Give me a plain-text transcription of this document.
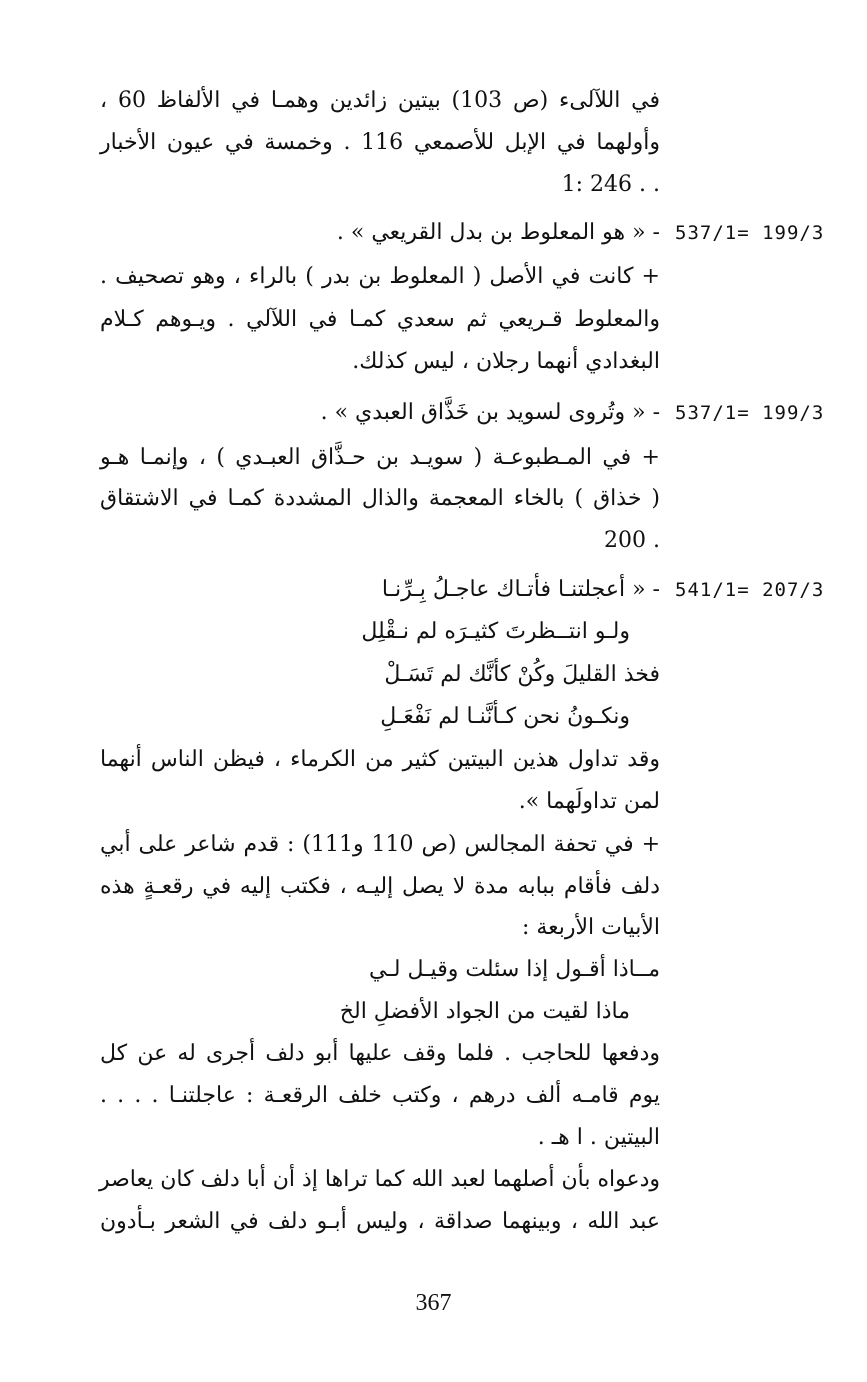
في اللآلىء (ص 103) بيتين زائدين وهمـا في الألفاظ 60 ،
وأولهما في الإبل للأصمعي 116 . وخمسة في عيون الأخبار
. . 246 :1
537/1= 199/3
- « هو المعلوط بن بدل القريعي » .
+ كانت في الأصل ( المعلوط بن بدر ) بالراء ، وهو تصحيف .
والمعلوط قـريعي ثم سعدي كمـا في اللآلي . ويـوهم كـلام
البغدادي أنهما رجلان ، ليس كذلك.
537/1= 199/3
- « وتُروى لسويد بن خَذَّاق العبدي » .
+ في المـطبوعـة ( سويـد بن حـذَّاق العبـدي ) ، وإنمـا هـو
( خذاق ) بالخاء المعجمة والذال المشددة كمـا في الاشتقاق
. 200
541/1= 207/3
- « أعجلتنـا فأتـاك عاجـلُ بِـرِّنـا
ولـو انتــظرتَ كثيـرَه لم نـقْلِل
فخذ القليلَ وكُنْ كأنَّك لم تَسَـلْ
ونكـونُ نحن كـأنَّنـا لم نَفْعَـلِ
وقد تداول هذين البيتين كثير من الكرماء ، فيظن الناس أنهما
لمن تداولَهما ».
+ في تحفة المجالس (ص 110 و111) : قدم شاعر على أبي
دلف فأقام ببابه مدة لا يصل إليـه ، فكتب إليه في رقعـةٍ هذه
الأبيات الأربعة :
مــاذا أقـول إذا سئلت وقيـل لـي
ماذا لقيت من الجواد الأفضلِ الخ
ودفعها للحاجب . فلما وقف عليها أبو دلف أجرى له عن كل
يوم قامـه ألف درهم ، وكتب خلف الرقعـة : عاجلتنـا . . . .
البيتين . ا هـ .
ودعواه بأن أصلهما لعبد الله كما تراها إذ أن أبا دلف كان يعاصر
عبد الله ، وبينهما صداقة ، وليس أبـو دلف في الشعر بـأدون
367
